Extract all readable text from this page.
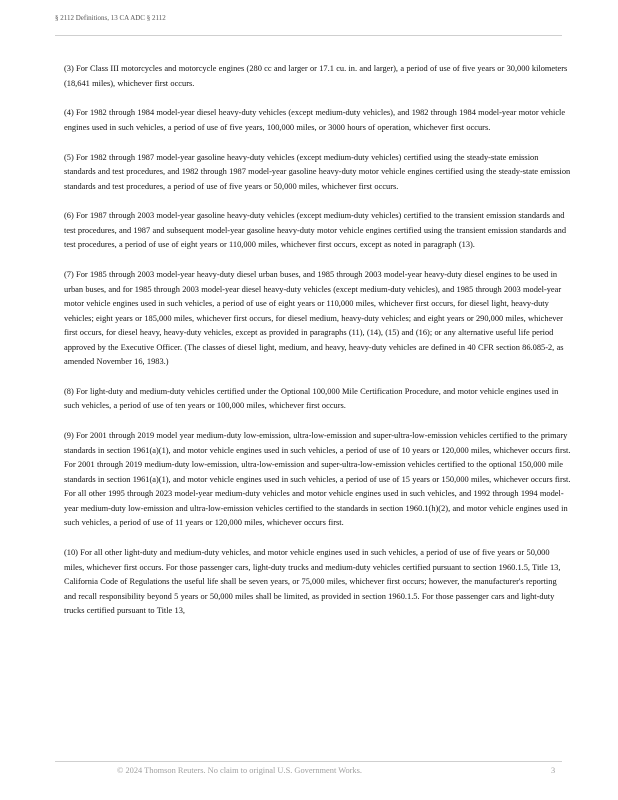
§ 2112 Definitions, 13 CA ADC § 2112

(3) For Class III motorcycles and motorcycle engines (280 cc and larger or 17.1 cu. in. and larger), a period of use of five years or 30,000 kilometers (18,641 miles), whichever first occurs.

(4) For 1982 through 1984 model-year diesel heavy-duty vehicles (except medium-duty vehicles), and 1982 through 1984 model-year motor vehicle engines used in such vehicles, a period of use of five years, 100,000 miles, or 3000 hours of operation, whichever first occurs.

(5) For 1982 through 1987 model-year gasoline heavy-duty vehicles (except medium-duty vehicles) certified using the steady-state emission standards and test procedures, and 1982 through 1987 model-year gasoline heavy-duty motor vehicle engines certified using the steady-state emission standards and test procedures, a period of use of five years or 50,000 miles, whichever first occurs.

(6) For 1987 through 2003 model-year gasoline heavy-duty vehicles (except medium-duty vehicles) certified to the transient emission standards and test procedures, and 1987 and subsequent model-year gasoline heavy-duty motor vehicle engines certified using the transient emission standards and test procedures, a period of use of eight years or 110,000 miles, whichever first occurs, except as noted in paragraph (13).

(7) For 1985 through 2003 model-year heavy-duty diesel urban buses, and 1985 through 2003 model-year heavy-duty diesel engines to be used in urban buses, and for 1985 through 2003 model-year diesel heavy-duty vehicles (except medium-duty vehicles), and 1985 through 2003 model-year motor vehicle engines used in such vehicles, a period of use of eight years or 110,000 miles, whichever first occurs, for diesel light, heavy-duty vehicles; eight years or 185,000 miles, whichever first occurs, for diesel medium, heavy-duty vehicles; and eight years or 290,000 miles, whichever first occurs, for diesel heavy, heavy-duty vehicles, except as provided in paragraphs (11), (14), (15) and (16); or any alternative useful life period approved by the Executive Officer. (The classes of diesel light, medium, and heavy, heavy-duty vehicles are defined in 40 CFR section 86.085-2, as amended November 16, 1983.)

(8) For light-duty and medium-duty vehicles certified under the Optional 100,000 Mile Certification Procedure, and motor vehicle engines used in such vehicles, a period of use of ten years or 100,000 miles, whichever first occurs.

(9) For 2001 through 2019 model year medium-duty low-emission, ultra-low-emission and super-ultra-low-emission vehicles certified to the primary standards in section 1961(a)(1), and motor vehicle engines used in such vehicles, a period of use of 10 years or 120,000 miles, whichever occurs first. For 2001 through 2019 medium-duty low-emission, ultra-low-emission and super-ultra-low-emission vehicles certified to the optional 150,000 mile standards in section 1961(a)(1), and motor vehicle engines used in such vehicles, a period of use of 15 years or 150,000 miles, whichever occurs first. For all other 1995 through 2023 model-year medium-duty vehicles and motor vehicle engines used in such vehicles, and 1992 through 1994 model-year medium-duty low-emission and ultra-low-emission vehicles certified to the standards in section 1960.1(h)(2), and motor vehicle engines used in such vehicles, a period of use of 11 years or 120,000 miles, whichever occurs first.

(10) For all other light-duty and medium-duty vehicles, and motor vehicle engines used in such vehicles, a period of use of five years or 50,000 miles, whichever first occurs. For those passenger cars, light-duty trucks and medium-duty vehicles certified pursuant to section 1960.1.5, Title 13, California Code of Regulations the useful life shall be seven years, or 75,000 miles, whichever first occurs; however, the manufacturer's reporting and recall responsibility beyond 5 years or 50,000 miles shall be limited, as provided in section 1960.1.5. For those passenger cars and light-duty trucks certified pursuant to Title 13,

© 2024 Thomson Reuters. No claim to original U.S. Government Works.	3
